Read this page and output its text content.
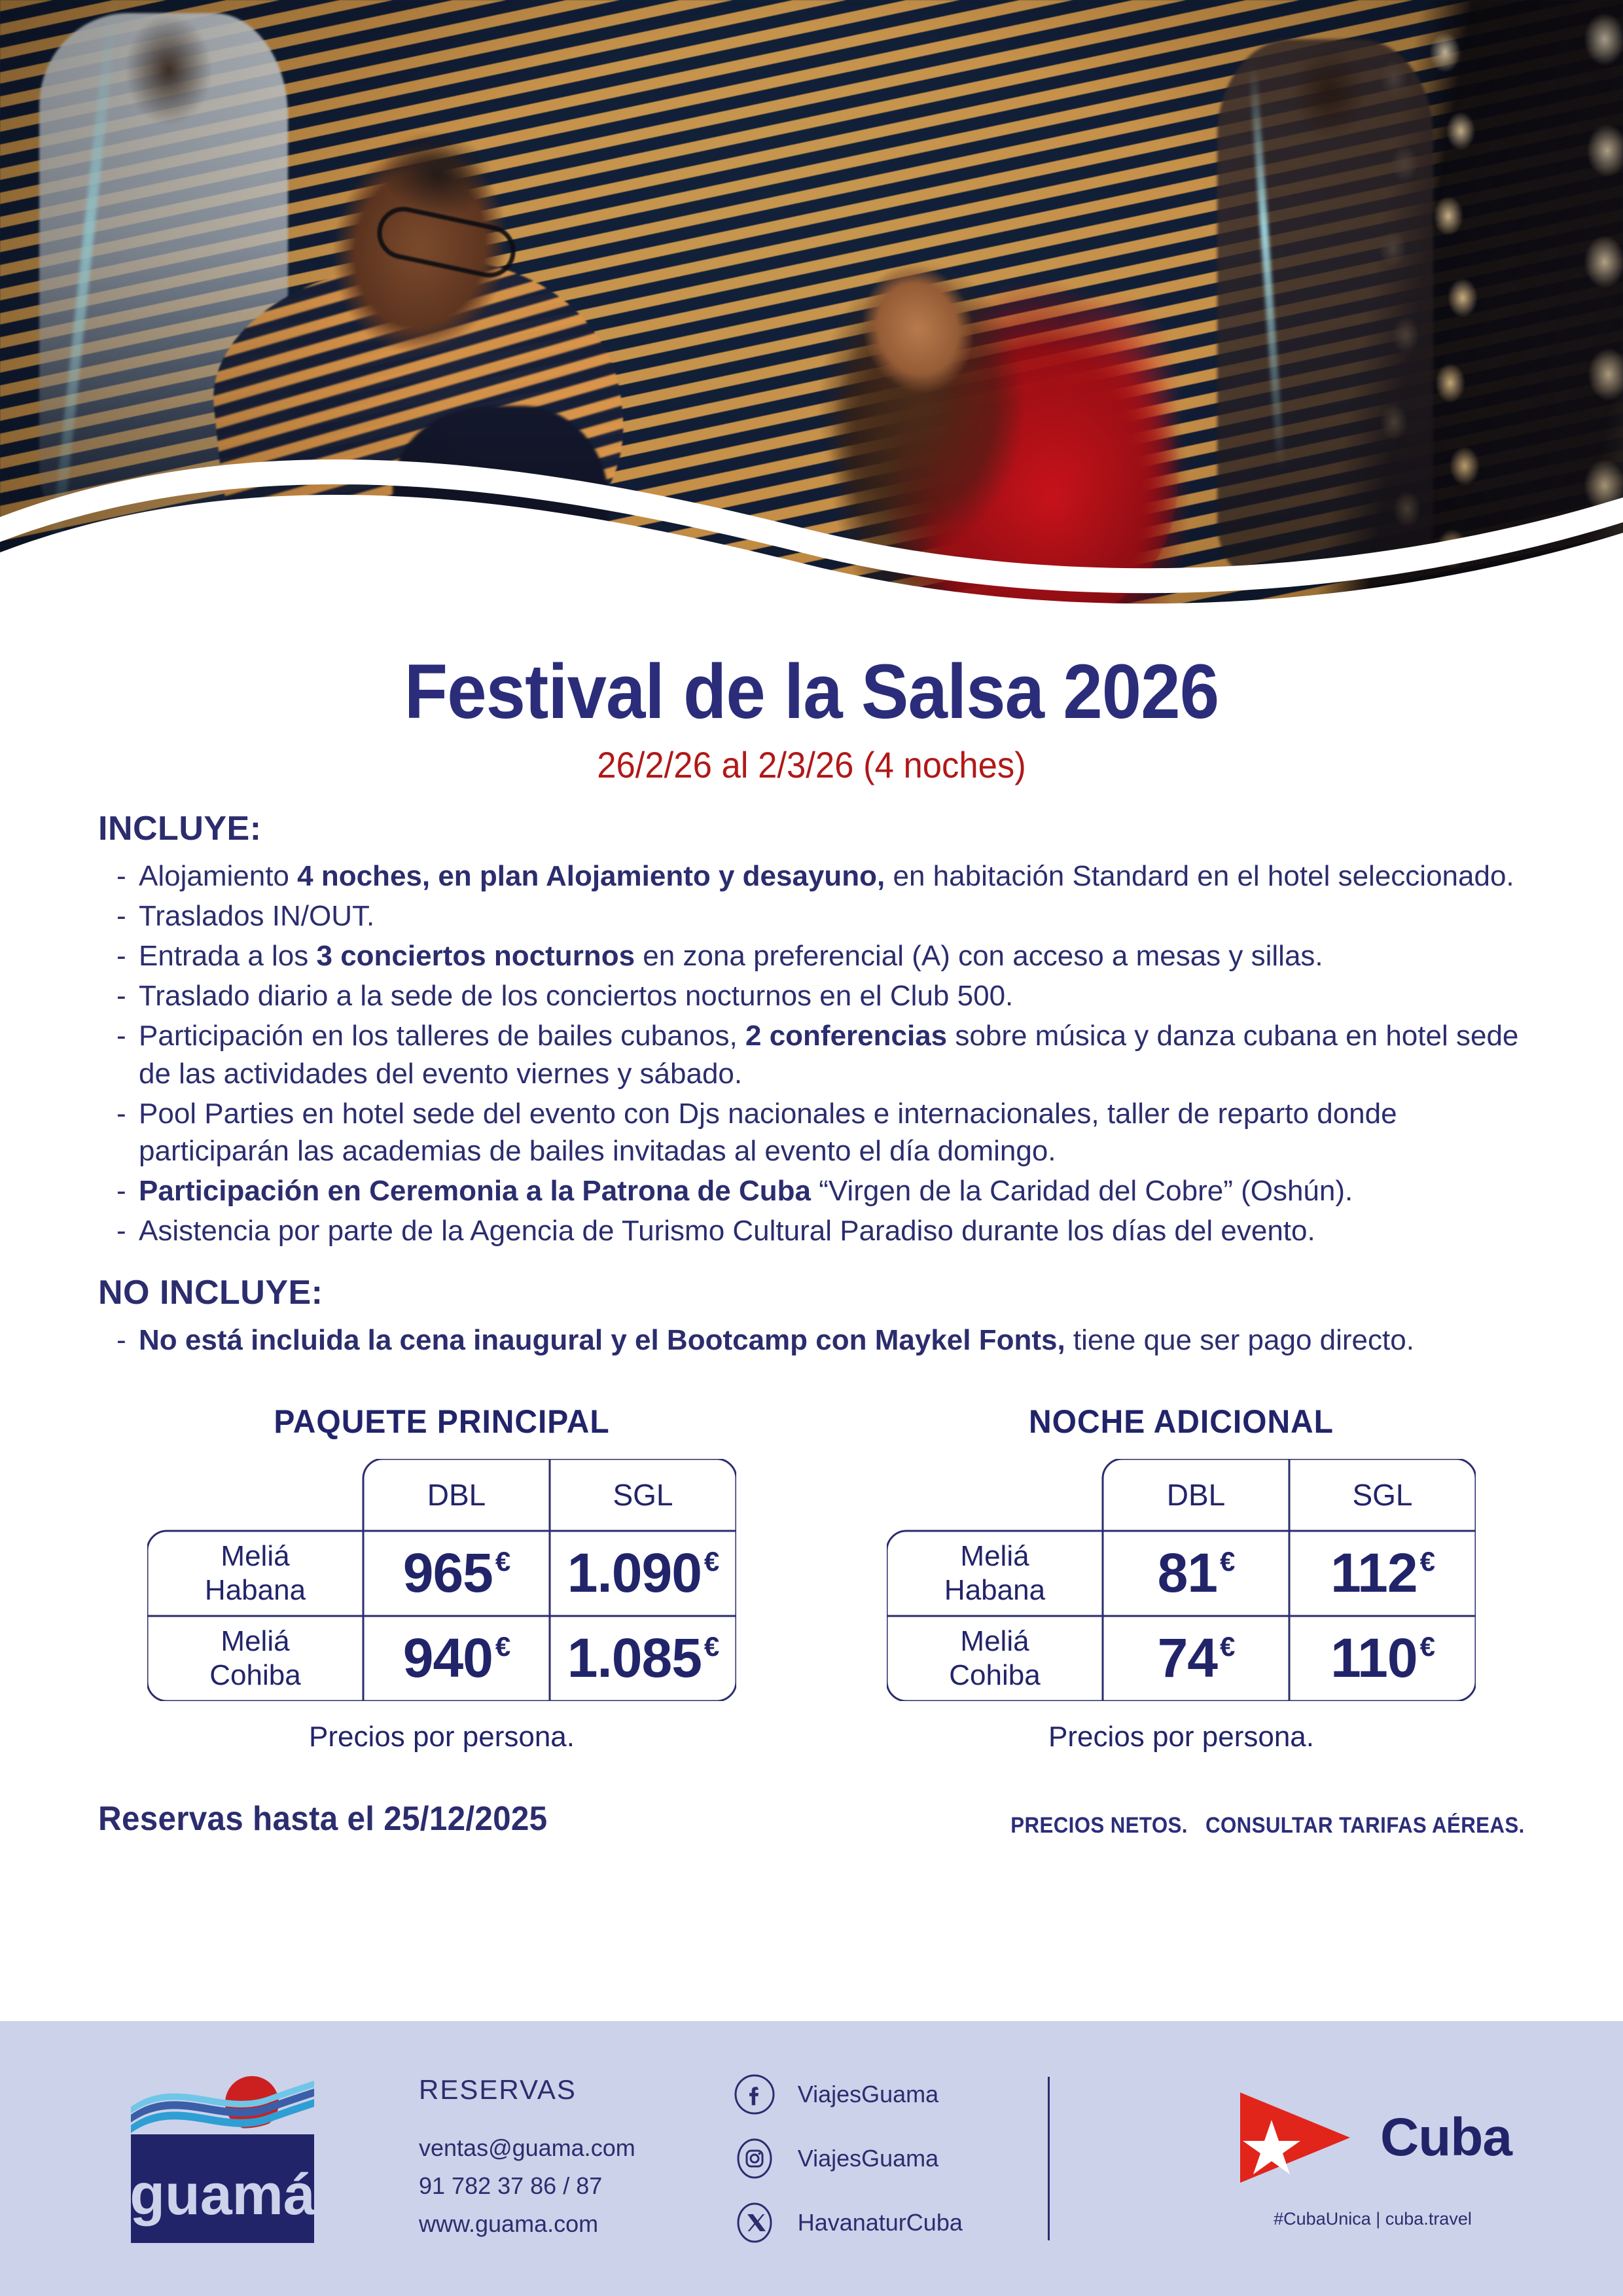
Festival de la Salsa 2026
26/2/26 al 2/3/26 (4 noches)
INCLUYE:
- Alojamiento 4 noches, en plan Alojamiento y desayuno, en habitación Standard en el hotel seleccionado.
- Traslados IN/OUT.
- Entrada a los 3 conciertos nocturnos en zona preferencial (A) con acceso a mesas y sillas.
- Traslado diario a la sede de los conciertos nocturnos en el Club 500.
- Participación en los talleres de bailes cubanos, 2 conferencias sobre música y danza cubana en hotel sede de las actividades del evento viernes y sábado.
- Pool Parties en hotel sede del evento con Djs nacionales e internacionales, taller de reparto donde participarán las academias de bailes invitadas al evento el día domingo.
- Participación en Ceremonia a la Patrona de Cuba “Virgen de la Caridad del Cobre” (Oshún).
- Asistencia por parte de la Agencia de Turismo Cultural Paradiso durante los días del evento.
NO INCLUYE:
- No está incluida la cena inaugural y el Bootcamp con Maykel Fonts, tiene que ser pago directo.
PAQUETE PRINCIPAL
DBL	SGL
Meliá
Habana 965 € 1.090 €
Meliá
Cohiba 940 € 1.085 €
Precios por persona.
NOCHE ADICIONAL
DBL	SGL
Meliá
Habana 81 € 112 €
Meliá
Cohiba 74 € 110 €
Precios por persona.
Reservas hasta el 25/12/2025	PRECIOS NETOS.   CONSULTAR TARIFAS AÉREAS.
guamá
RESERVAS
ventas@guama.com
91 782 37 86 / 87
www.guama.com
ViajesGuama
ViajesGuama
HavanaturCuba
Cuba
#CubaUnica | cuba.travel
